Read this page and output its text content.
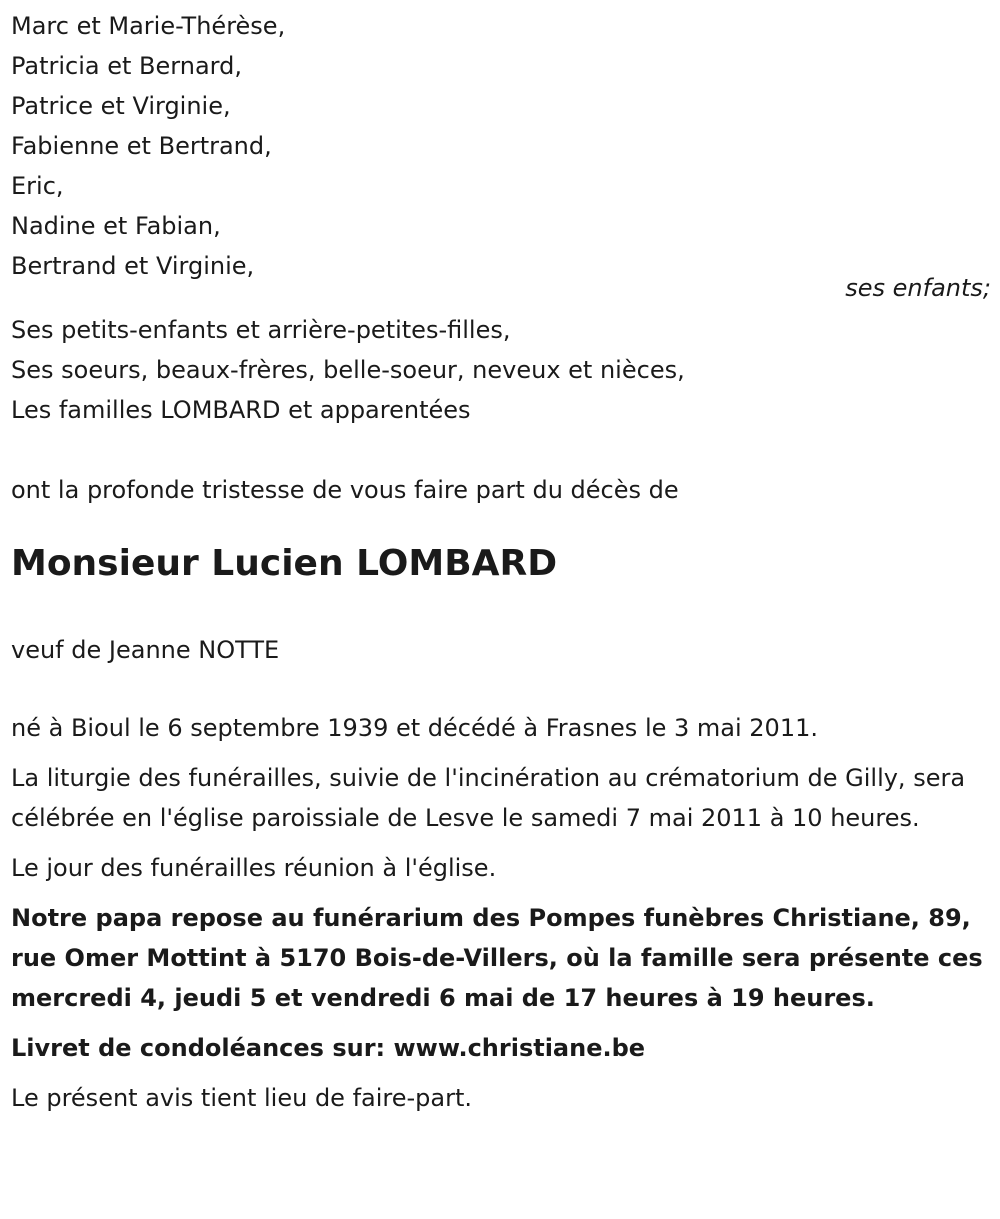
Marc et Marie-Thérèse,
Patricia et Bernard,
Patrice et Virginie,
Fabienne et Bertrand,
Eric,
Nadine et Fabian,
Bertrand et Virginie,
ses enfants;
Ses petits-enfants et arrière-petites-filles,
Ses soeurs, beaux-frères, belle-soeur, neveux et nièces,
Les familles LOMBARD et apparentées
ont la profonde tristesse de vous faire part du décès de
Monsieur Lucien LOMBARD
veuf de Jeanne NOTTE
né à Bioul le 6 septembre 1939 et décédé à Frasnes le 3 mai 2011.
La liturgie des funérailles, suivie de l'incinération au crématorium de Gilly, sera célébrée en l'église paroissiale de Lesve le samedi 7 mai 2011 à 10 heures.
Le jour des funérailles réunion à l'église.
Notre papa repose au funérarium des Pompes funèbres Christiane, 89, rue Omer Mottint à 5170 Bois-de-Villers, où la famille sera présente ces mercredi 4, jeudi 5 et vendredi 6 mai de 17 heures à 19 heures.
Livret de condoléances sur: www.christiane.be
Le présent avis tient lieu de faire-part.
